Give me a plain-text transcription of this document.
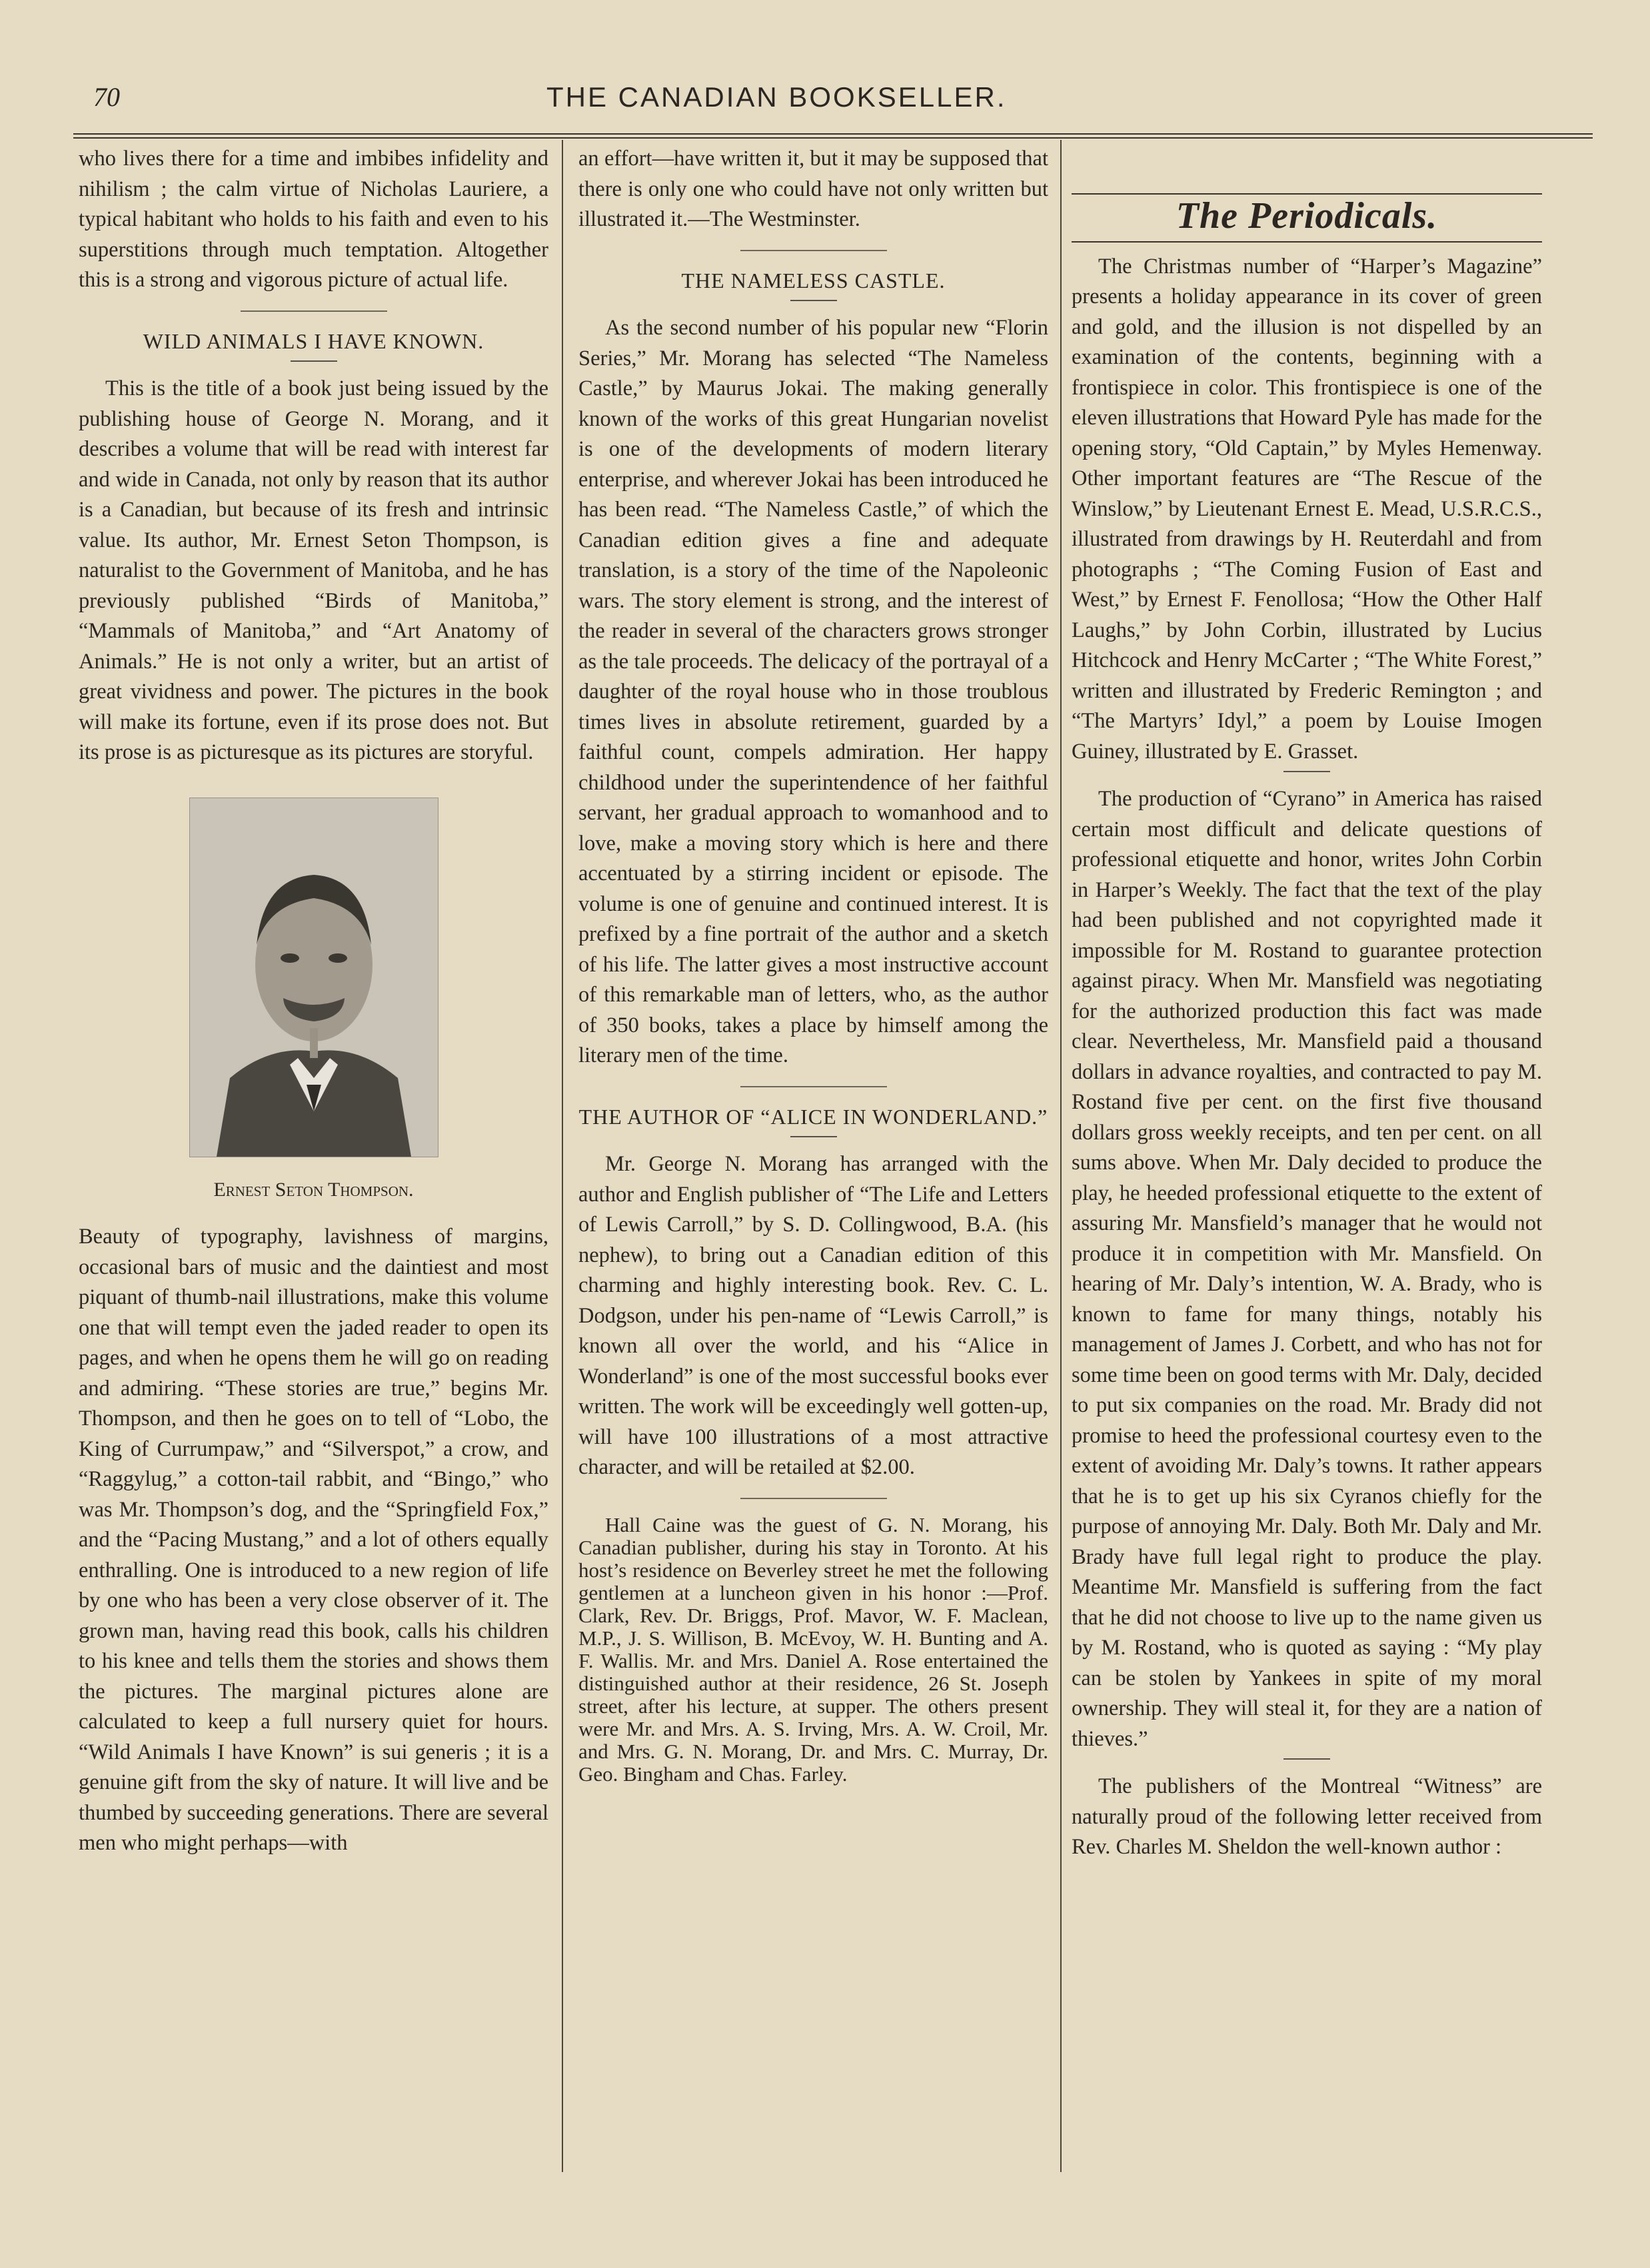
70	THE CANADIAN BOOKSELLER.

who lives there for a time and imbibes infidelity and nihilism ; the calm virtue of Nicholas Lauriere, a typical habitant who holds to his faith and even to his superstitions through much temptation. Altogether this is a strong and vigorous picture of actual life.

WILD ANIMALS I HAVE KNOWN.

This is the title of a book just being issued by the publishing house of George N. Morang, and it describes a volume that will be read with interest far and wide in Canada, not only by reason that its author is a Canadian, but because of its fresh and intrinsic value. Its author, Mr. Ernest Seton Thompson, is naturalist to the Government of Manitoba, and he has previously published “Birds of Manitoba,” “Mammals of Manitoba,” and “Art Anatomy of Animals.” He is not only a writer, but an artist of great vividness and power. The pictures in the book will make its fortune, even if its prose does not. But its prose is as picturesque as its pictures are storyful.

Ernest Seton Thompson.

Beauty of typography, lavishness of margins, occasional bars of music and the daintiest and most piquant of thumb-nail illustrations, make this volume one that will tempt even the jaded reader to open its pages, and when he opens them he will go on reading and admiring. “These stories are true,” begins Mr. Thompson, and then he goes on to tell of “Lobo, the King of Currumpaw,” and “Silverspot,” a crow, and “Raggylug,” a cotton-tail rabbit, and “Bingo,” who was Mr. Thompson’s dog, and the “Springfield Fox,” and the “Pacing Mustang,” and a lot of others equally enthralling. One is introduced to a new region of life by one who has been a very close observer of it. The grown man, having read this book, calls his children to his knee and tells them the stories and shows them the pictures. The marginal pictures alone are calculated to keep a full nursery quiet for hours. “Wild Animals I have Known” is sui generis ; it is a genuine gift from the sky of nature. It will live and be thumbed by succeeding generations. There are several men who might perhaps—with

an effort—have written it, but it may be supposed that there is only one who could have not only written but illustrated it.—The Westminster.

THE NAMELESS CASTLE.

As the second number of his popular new “Florin Series,” Mr. Morang has selected “The Nameless Castle,” by Maurus Jokai. The making generally known of the works of this great Hungarian novelist is one of the developments of modern literary enterprise, and wherever Jokai has been introduced he has been read. “The Nameless Castle,” of which the Canadian edition gives a fine and adequate translation, is a story of the time of the Napoleonic wars. The story element is strong, and the interest of the reader in several of the characters grows stronger as the tale proceeds. The delicacy of the portrayal of a daughter of the royal house who in those troublous times lives in absolute retirement, guarded by a faithful count, compels admiration. Her happy childhood under the superintendence of her faithful servant, her gradual approach to womanhood and to love, make a moving story which is here and there accentuated by a stirring incident or episode. The volume is one of genuine and continued interest. It is prefixed by a fine portrait of the author and a sketch of his life. The latter gives a most instructive account of this remarkable man of letters, who, as the author of 350 books, takes a place by himself among the literary men of the time.

THE AUTHOR OF “ALICE IN WONDERLAND.”

Mr. George N. Morang has arranged with the author and English publisher of “The Life and Letters of Lewis Carroll,” by S. D. Collingwood, B.A. (his nephew), to bring out a Canadian edition of this charming and highly interesting book. Rev. C. L. Dodgson, under his pen-name of “Lewis Carroll,” is known all over the world, and his “Alice in Wonderland” is one of the most successful books ever written. The work will be exceedingly well gotten-up, will have 100 illustrations of a most attractive character, and will be retailed at $2.00.

Hall Caine was the guest of G. N. Morang, his Canadian publisher, during his stay in Toronto. At his host’s residence on Beverley street he met the following gentlemen at a luncheon given in his honor :—Prof. Clark, Rev. Dr. Briggs, Prof. Mavor, W. F. Maclean, M.P., J. S. Willison, B. McEvoy, W. H. Bunting and A. F. Wallis. Mr. and Mrs. Daniel A. Rose entertained the distinguished author at their residence, 26 St. Joseph street, after his lecture, at supper. The others present were Mr. and Mrs. A. S. Irving, Mrs. A. W. Croil, Mr. and Mrs. G. N. Morang, Dr. and Mrs. C. Murray, Dr. Geo. Bingham and Chas. Farley.

The Periodicals.

The Christmas number of “Harper’s Magazine” presents a holiday appearance in its cover of green and gold, and the illusion is not dispelled by an examination of the contents, beginning with a frontispiece in color. This frontispiece is one of the eleven illustrations that Howard Pyle has made for the opening story, “Old Captain,” by Myles Hemenway. Other important features are “The Rescue of the Winslow,” by Lieutenant Ernest E. Mead, U.S.R.C.S., illustrated from drawings by H. Reuterdahl and from photographs ; “The Coming Fusion of East and West,” by Ernest F. Fenollosa; “How the Other Half Laughs,” by John Corbin, illustrated by Lucius Hitchcock and Henry McCarter ; “The White Forest,” written and illustrated by Frederic Remington ; and “The Martyrs’ Idyl,” a poem by Louise Imogen Guiney, illustrated by E. Grasset.

The production of “Cyrano” in America has raised certain most difficult and delicate questions of professional etiquette and honor, writes John Corbin in Harper’s Weekly. The fact that the text of the play had been published and not copyrighted made it impossible for M. Rostand to guarantee protection against piracy. When Mr. Mansfield was negotiating for the authorized production this fact was made clear. Nevertheless, Mr. Mansfield paid a thousand dollars in advance royalties, and contracted to pay M. Rostand five per cent. on the first five thousand dollars gross weekly receipts, and ten per cent. on all sums above. When Mr. Daly decided to produce the play, he heeded professional etiquette to the extent of assuring Mr. Mansfield’s manager that he would not produce it in competition with Mr. Mansfield. On hearing of Mr. Daly’s intention, W. A. Brady, who is known to fame for many things, notably his management of James J. Corbett, and who has not for some time been on good terms with Mr. Daly, decided to put six companies on the road. Mr. Brady did not promise to heed the professional courtesy even to the extent of avoiding Mr. Daly’s towns. It rather appears that he is to get up his six Cyranos chiefly for the purpose of annoying Mr. Daly. Both Mr. Daly and Mr. Brady have full legal right to produce the play. Meantime Mr. Mansfield is suffering from the fact that he did not choose to live up to the name given us by M. Rostand, who is quoted as saying : “My play can be stolen by Yankees in spite of my moral ownership. They will steal it, for they are a nation of thieves.”

The publishers of the Montreal “Witness” are naturally proud of the following letter received from Rev. Charles M. Sheldon the well-known author :
